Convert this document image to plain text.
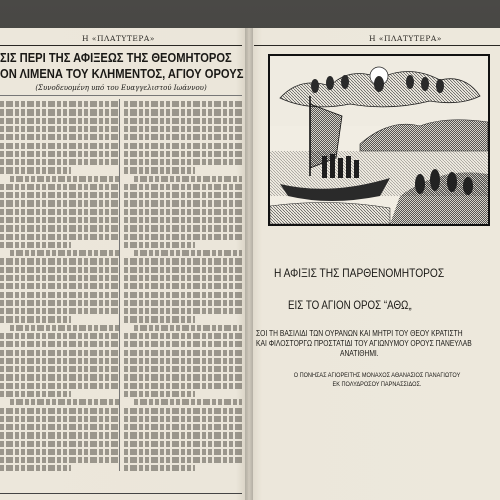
Η «ΠΛΑΤΥΤΕΡΑ»
ΣΙΣ ΠΕΡΙ ΤΗΣ ΑΦΙΞΕΩΣ ΤΗΣ ΘΕΟΜΗΤΟΡΟΣ
ΟΝ ΛΙΜΕΝΑ ΤΟΥ ΚΛΗΜΕΝΤΟΣ, ΑΓΙΟΥ ΟΡΟΥΣ
(Συνοδευομένη υπό του Ευαγγελιστού Ιωάννου)
Η «ΠΛΑΤΥΤΕΡΑ»
Η ΑΦΙΞΙΣ ΤΗΣ ΠΑΡΘΕΝΟΜΗΤΟΡΟΣ
ΕΙΣ ΤΟ ΑΓΙΟΝ ΟΡΟΣ “ΑΘΩ„
ΣΟΙ ΤΗ ΒΑΣΙΛΙΔΙ ΤΩΝ ΟΥΡΑΝΩΝ ΚΑΙ ΜΗΤΡΙ ΤΟΥ ΘΕΟΥ ΚΡΑΤΙΣΤΗ
ΚΑΙ ΦΙΛΟΣΤΟΡΓΩ ΠΡΟΣΤΑΤΙΔΙ ΤΟΥ ΑΓΙΩΝΥΜΟΥ ΟΡΟΥΣ ΠΑΝΕΥΛΑΒ
ΑΝΑΤΙΘΗΜΙ.
Ο ΠΟΝΗΣΑΣ ΑΓΙΟΡΕΙΤΗΣ ΜΟΝΑΧΟΣ ΑΘΑΝΑΣΙΟΣ ΠΑΝΑΓΙΩΤΟΥ
ΕΚ ΠΟΛΥΔΡΟΣΟΥ ΠΑΡΝΑΣΣΙΔΟΣ.
